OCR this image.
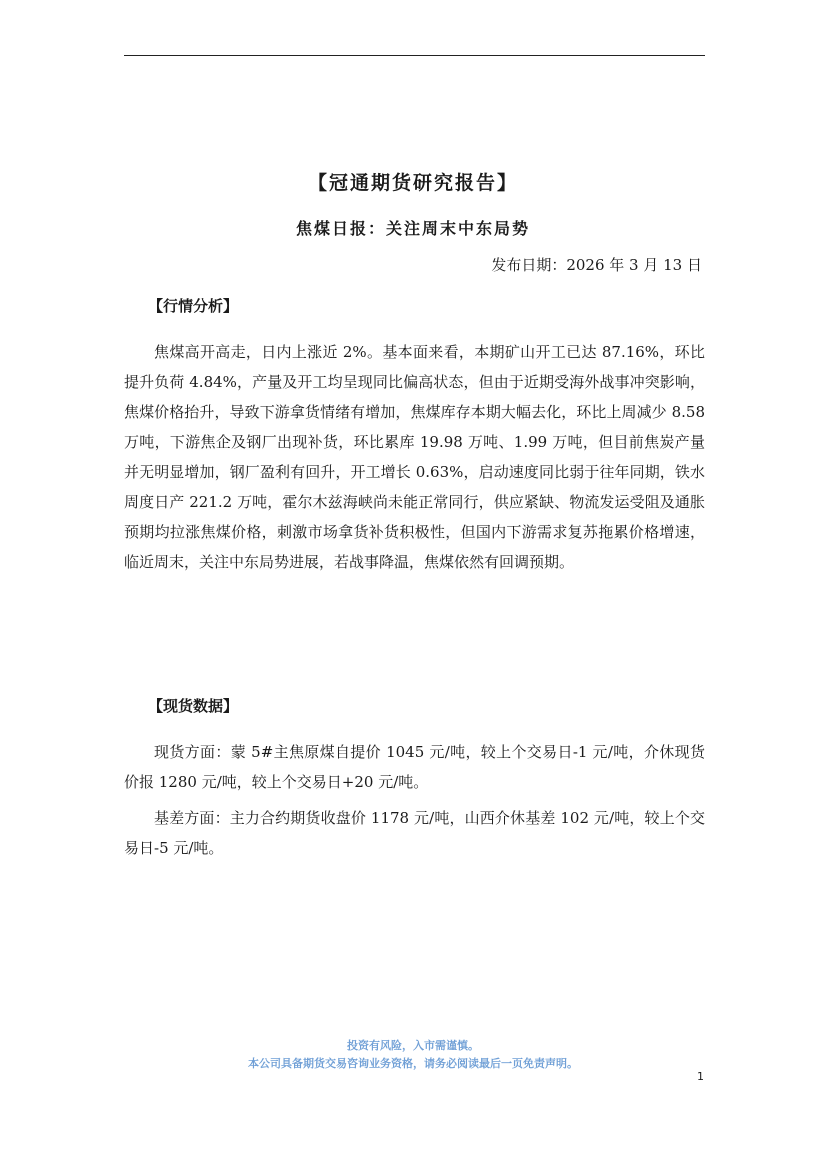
【冠通期货研究报告】
焦煤日报：关注周末中东局势

发布日期：2026 年 3 月 13 日

【行情分析】

焦煤高开高走，日内上涨近 2%。基本面来看，本期矿山开工已达 87.16%，环比提升负荷 4.84%，产量及开工均呈现同比偏高状态，但由于近期受海外战事冲突影响，焦煤价格抬升，导致下游拿货情绪有增加，焦煤库存本期大幅去化，环比上周减少 8.58 万吨，下游焦企及钢厂出现补货，环比累库 19.98 万吨、1.99 万吨，但目前焦炭产量并无明显增加，钢厂盈利有回升，开工增长 0.63%，启动速度同比弱于往年同期，铁水周度日产 221.2 万吨，霍尔木兹海峡尚未能正常同行，供应紧缺、物流发运受阻及通胀预期均拉涨焦煤价格，刺激市场拿货补货积极性，但国内下游需求复苏拖累价格增速，临近周末，关注中东局势进展，若战事降温，焦煤依然有回调预期。

【现货数据】

现货方面：蒙 5#主焦原煤自提价 1045 元/吨，较上个交易日-1 元/吨，介休现货价报 1280 元/吨，较上个交易日+20 元/吨。

基差方面：主力合约期货收盘价 1178 元/吨，山西介休基差 102 元/吨，较上个交易日-5 元/吨。

投资有风险，入市需谨慎。

本公司具备期货交易咨询业务资格，请务必阅读最后一页免责声明。

1
